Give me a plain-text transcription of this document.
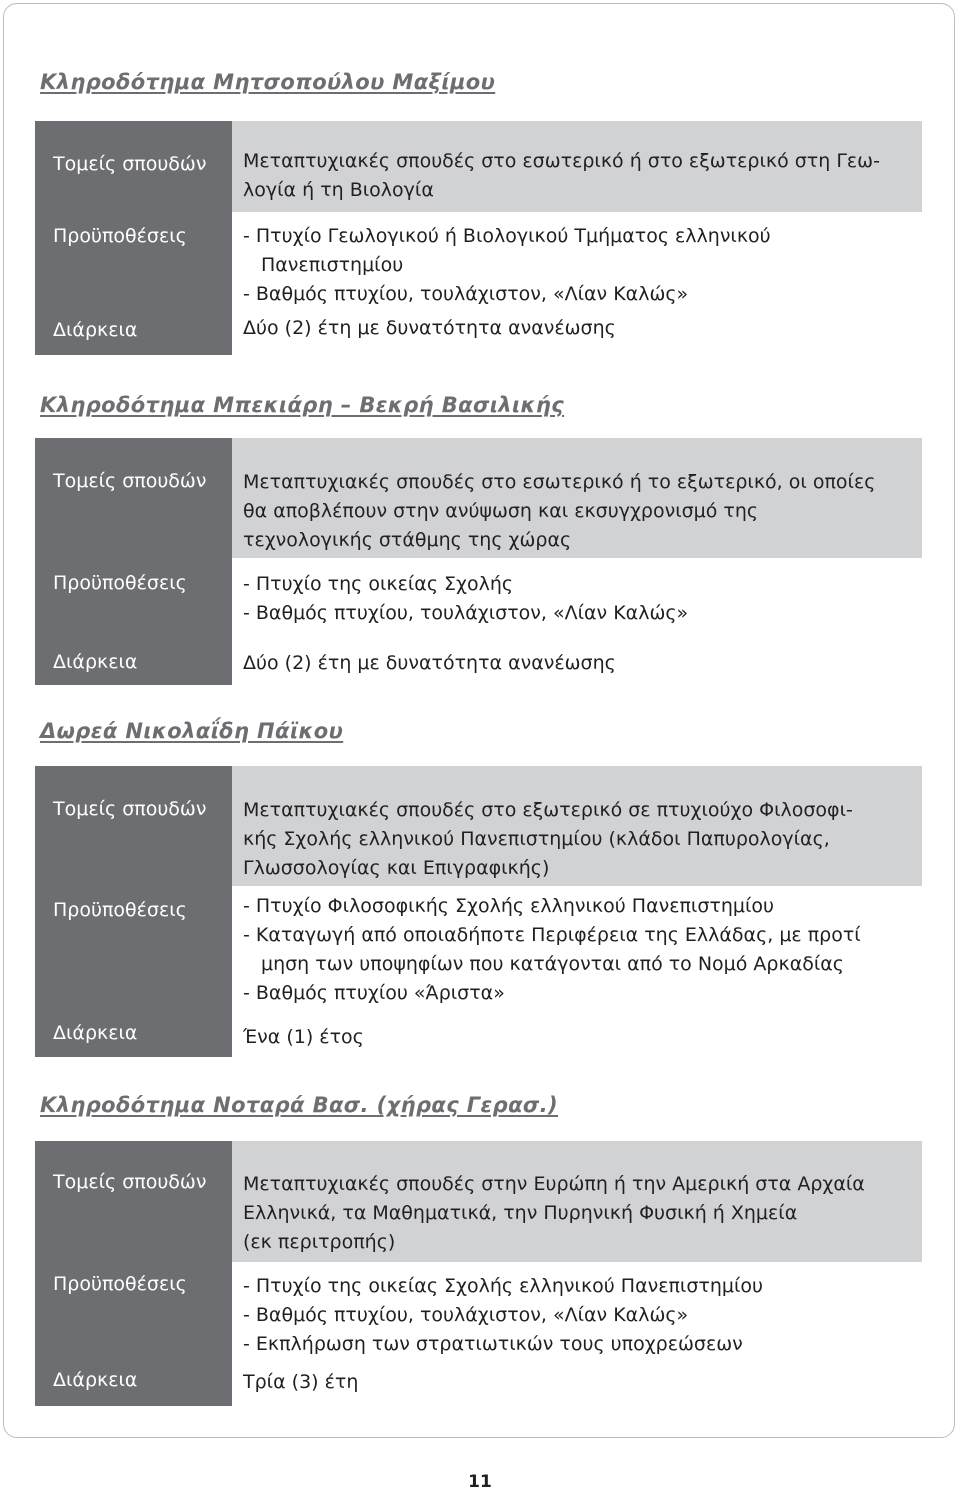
Κληροδότημα Μητσοπούλου Μαξίμου
Τομείς σπουδών
Προϋποθέσεις
Διάρκεια
Μεταπτυχιακές σπουδές στο εσωτερικό ή στο εξωτερικό στη Γεω-
λογία ή τη Βιολογία
- Πτυχίο Γεωλογικού ή Βιολογικού Τμήματος ελληνικού
Πανεπιστημίου
- Βαθμός πτυχίου, τουλάχιστον, «Λίαν Καλώς»
Δύο (2) έτη με δυνατότητα ανανέωσης
Κληροδότημα Μπεκιάρη – Βεκρή Βασιλικής
Τομείς σπουδών
Προϋποθέσεις
Διάρκεια
Μεταπτυχιακές σπουδές στο εσωτερικό ή το εξωτερικό, οι οποίες
θα αποβλέπουν στην ανύψωση και εκσυγχρονισμό της
τεχνολογικής στάθμης της χώρας
- Πτυχίο της οικείας Σχολής
- Βαθμός πτυχίου, τουλάχιστον, «Λίαν Καλώς»
Δύο (2) έτη με δυνατότητα ανανέωσης
Δωρεά Νικολαΐδη Πάϊκου
Τομείς σπουδών
Προϋποθέσεις
Διάρκεια
Μεταπτυχιακές σπουδές στο εξωτερικό σε πτυχιούχο Φιλοσοφι-
κής Σχολής ελληνικού Πανεπιστημίου (κλάδοι Παπυρολογίας,
Γλωσσολογίας και Επιγραφικής)
- Πτυχίο Φιλοσοφικής Σχολής ελληνικού Πανεπιστημίου
- Καταγωγή από οποιαδήποτε Περιφέρεια της Ελλάδας, με προτί
μηση των υποψηφίων που κατάγονται από το Νομό Αρκαδίας
- Βαθμός πτυχίου «Άριστα»
Ένα (1) έτος
Κληροδότημα Νοταρά Βασ. (χήρας Γερασ.)
Τομείς σπουδών
Προϋποθέσεις
Διάρκεια
Μεταπτυχιακές σπουδές στην Ευρώπη ή την Αμερική στα Αρχαία
Ελληνικά, τα Μαθηματικά, την Πυρηνική Φυσική ή Χημεία
(εκ περιτροπής)
- Πτυχίο της οικείας Σχολής ελληνικού Πανεπιστημίου
- Βαθμός πτυχίου, τουλάχιστον, «Λίαν Καλώς»
- Εκπλήρωση των στρατιωτικών τους υποχρεώσεων
Τρία (3) έτη
11
